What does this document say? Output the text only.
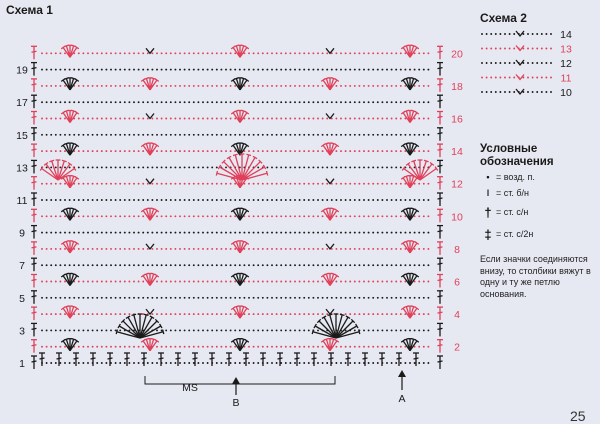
19
17
15
13
11
9
7
5
3
1
20
18
16
14
12
10
8
6
4
2
MS
B	A
14
13
12
11
10
Схема 1
Схема 2
Условные
обозначения
• = возд. п.
ǀ = ст. б/н
† = ст. с/н
‡ = ст. с/2н
Если значки соединяются внизу, то столбики вяжут в одну и ту же петлю основания.
25
